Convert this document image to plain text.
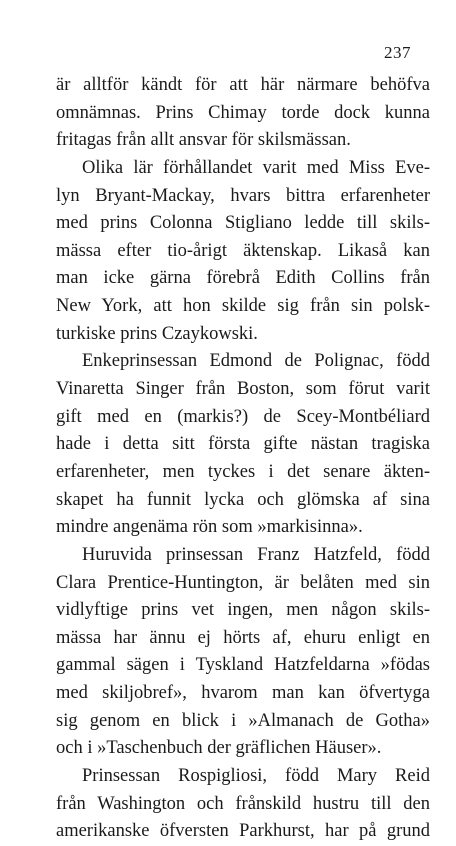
237
är alltför kändt för att här närmare behöfva
omnämnas. Prins Chimay torde dock kunna
fritagas från allt ansvar för skilsmässan.
Olika lär förhållandet varit med Miss Eve-
lyn Bryant-Mackay, hvars bittra erfarenheter
med prins Colonna Stigliano ledde till skils-
mässa efter tio-årigt äktenskap. Likaså kan
man icke gärna förebrå Edith Collins från
New York, att hon skilde sig från sin polsk-
turkiske prins Czaykowski.
Enkeprinsessan Edmond de Polignac, född
Vinaretta Singer från Boston, som förut varit
gift med en (markis?) de Scey-Montbéliard
hade i detta sitt första gifte nästan tragiska
erfarenheter, men tyckes i det senare äkten-
skapet ha funnit lycka och glömska af sina
mindre angenäma rön som »markisinna».
Huruvida prinsessan Franz Hatzfeld, född
Clara Prentice-Huntington, är belåten med sin
vidlyftige prins vet ingen, men någon skils-
mässa har ännu ej hörts af, ehuru enligt en
gammal sägen i Tyskland Hatzfeldarna »födas
med skiljobref», hvarom man kan öfvertyga
sig genom en blick i »Almanach de Gotha»
och i »Taschenbuch der gräflichen Häuser».
Prinsessan Rospigliosi, född Mary Reid
från Washington och frånskild hustru till den
amerikanske öfversten Parkhurst, har på grund
